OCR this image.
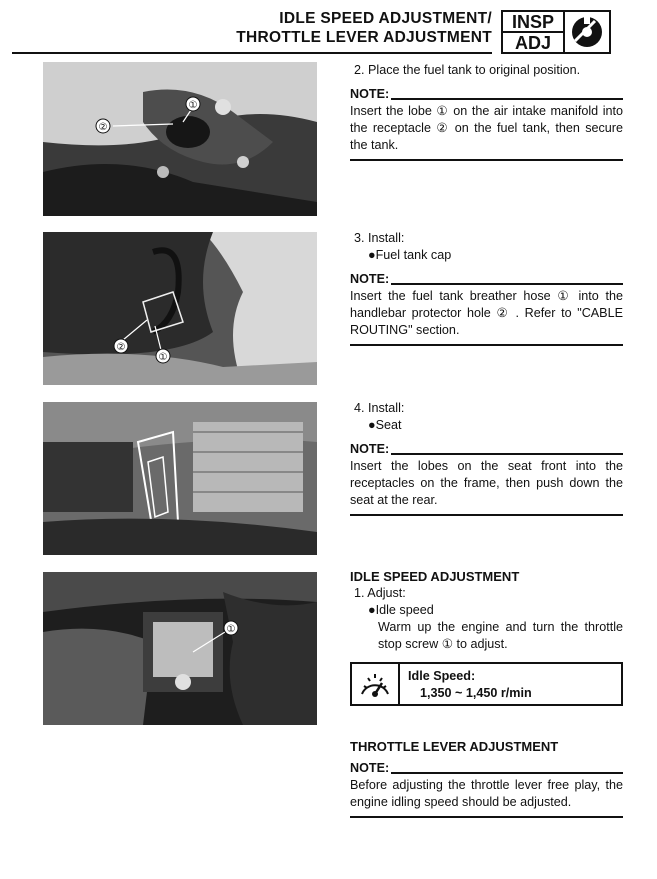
IDLE SPEED ADJUSTMENT/
THROTTLE LEVER ADJUSTMENT
INSP
ADJ
②
①
②
①
①
2. Place the fuel tank to original position.
NOTE:
Insert the lobe ① on the air intake manifold into the receptacle ② on the fuel tank, then secure the tank.
3. Install:
●Fuel tank cap
NOTE:
Insert the fuel tank breather hose ① into the handlebar protector hole ② . Refer to "CABLE ROUTING" section.
4. Install:
●Seat
NOTE:
Insert the lobes on the seat front into the receptacles on the frame, then push down the seat at the rear.
IDLE SPEED ADJUSTMENT
1. Adjust:
●Idle speed
Warm up the engine and turn the throttle stop screw ① to adjust.
Idle Speed:
1,350 ~ 1,450 r/min
THROTTLE LEVER ADJUSTMENT
NOTE:
Before adjusting the throttle lever free play, the engine idling speed should be adjusted.
